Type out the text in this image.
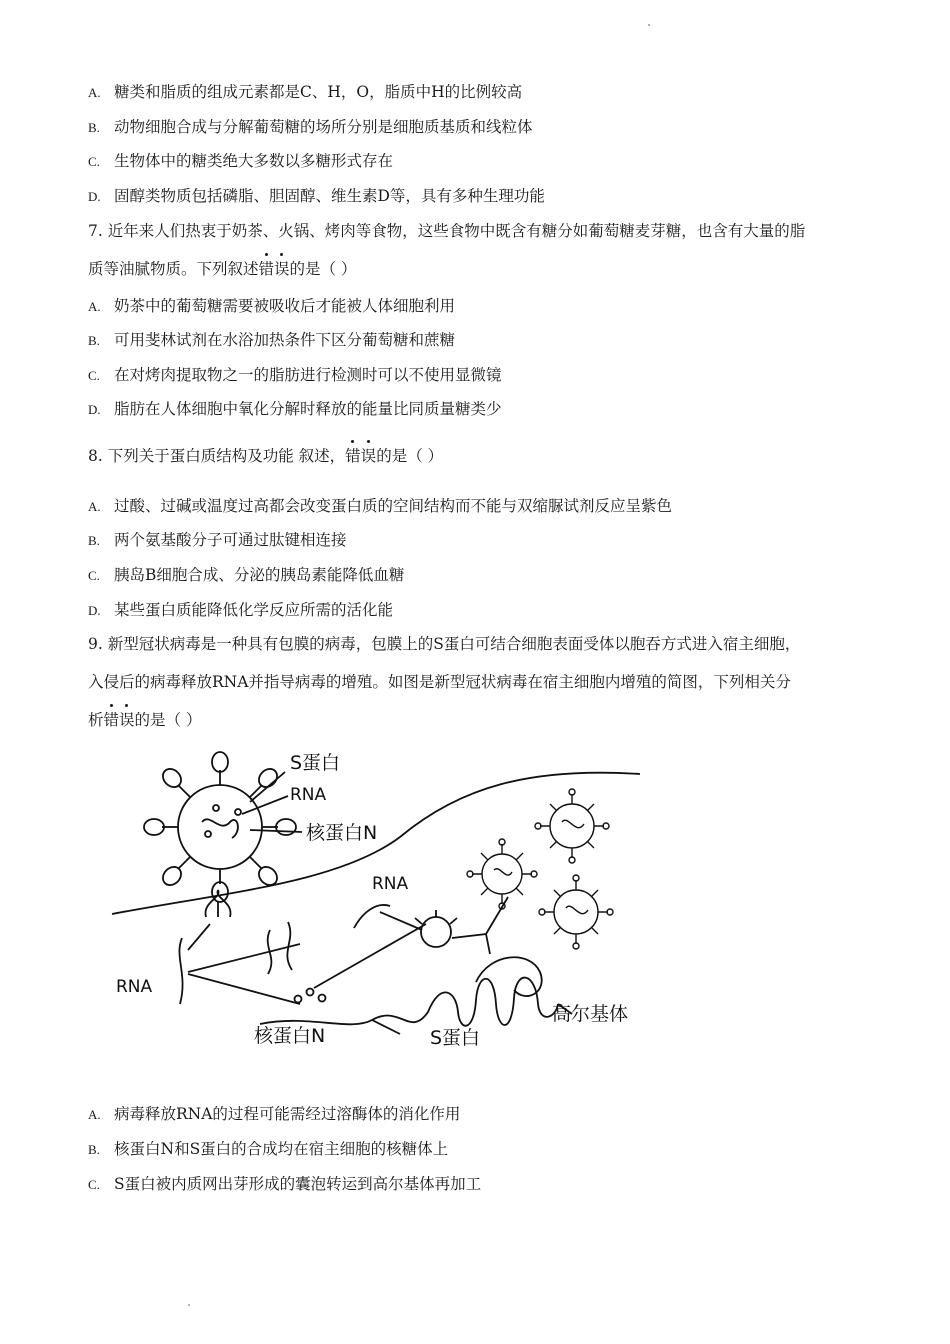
A. 糖类和脂质的组成元素都是C、H，O，脂质中H的比例较高
B. 动物细胞合成与分解葡萄糖的场所分别是细胞质基质和线粒体
C. 生物体中的糖类绝大多数以多糖形式存在
D. 固醇类物质包括磷脂、胆固醇、维生素D等，具有多种生理功能
7. 近年来人们热衷于奶茶、火锅、烤肉等食物，这些食物中既含有糖分如葡萄糖麦芽糖，也含有大量的脂
质等油腻物质。下列叙述错误的是（ ）
A. 奶茶中的葡萄糖需要被吸收后才能被人体细胞利用
B. 可用斐林试剂在水浴加热条件下区分葡萄糖和蔗糖
C. 在对烤肉提取物之一的脂肪进行检测时可以不使用显微镜
D. 脂肪在人体细胞中氧化分解时释放的能量比同质量糖类少
8. 下列关于蛋白质结构及功能 叙述，错误的是（ ）
A. 过酸、过碱或温度过高都会改变蛋白质的空间结构而不能与双缩脲试剂反应呈紫色
B. 两个氨基酸分子可通过肽键相连接
C. 胰岛B细胞合成、分泌的胰岛素能降低血糖
D. 某些蛋白质能降低化学反应所需的活化能
9. 新型冠状病毒是一种具有包膜的病毒，包膜上的S蛋白可结合细胞表面受体以胞吞方式进入宿主细胞，
入侵后的病毒释放RNA并指导病毒的增殖。如图是新型冠状病毒在宿主细胞内增殖的简图，下列相关分
析错误的是（ ）
S蛋白
RNA
核蛋白N
RNA
RNA
核蛋白N	S蛋白
高尔基体
A. 病毒释放RNA的过程可能需经过溶酶体的消化作用
B. 核蛋白N和S蛋白的合成均在宿主细胞的核糖体上
C. S蛋白被内质网出芽形成的囊泡转运到高尔基体再加工
